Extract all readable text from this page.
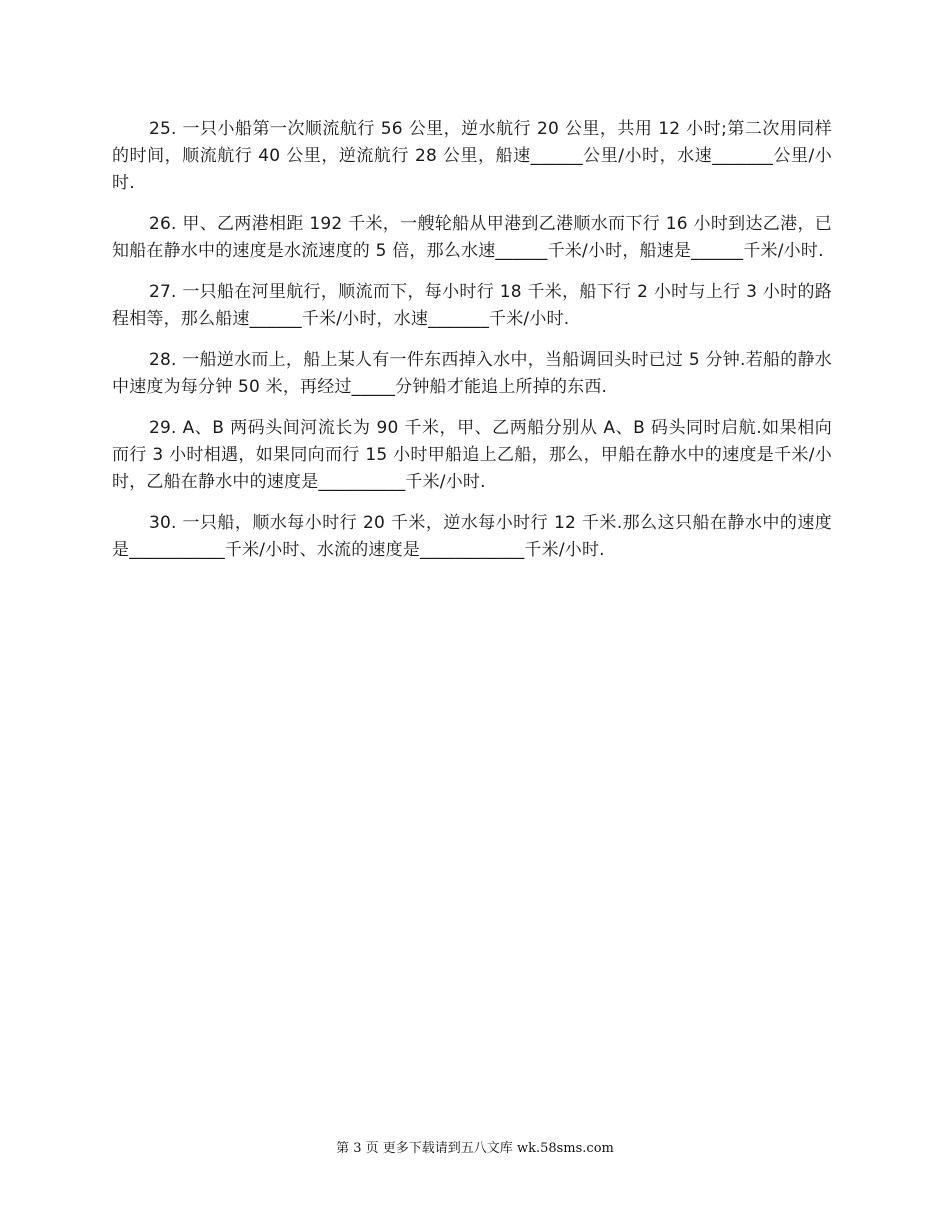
25. 一只小船第一次顺流航行 56 公里，逆水航行 20 公里，共用 12 小时;第二次用同样的时间，顺流航行 40 公里，逆流航行 28 公里，船速______公里/小时，水速_______公里/小时.

26. 甲、乙两港相距 192 千米，一艘轮船从甲港到乙港顺水而下行 16 小时到达乙港，已知船在静水中的速度是水流速度的 5 倍，那么水速______千米/小时，船速是______千米/小时.

27. 一只船在河里航行，顺流而下，每小时行 18 千米，船下行 2 小时与上行 3 小时的路程相等，那么船速______千米/小时，水速_______千米/小时.

28. 一船逆水而上，船上某人有一件东西掉入水中，当船调回头时已过 5 分钟.若船的静水中速度为每分钟 50 米，再经过_____分钟船才能追上所掉的东西.

29. A、B 两码头间河流长为 90 千米，甲、乙两船分别从 A、B 码头同时启航.如果相向而行 3 小时相遇，如果同向而行 15 小时甲船追上乙船，那么，甲船在静水中的速度是千米/小时，乙船在静水中的速度是__________千米/小时.

30. 一只船，顺水每小时行 20 千米，逆水每小时行 12 千米.那么这只船在静水中的速度是___________千米/小时、水流的速度是____________千米/小时.

第 3 页 更多下载请到五八文库 wk.58sms.com
